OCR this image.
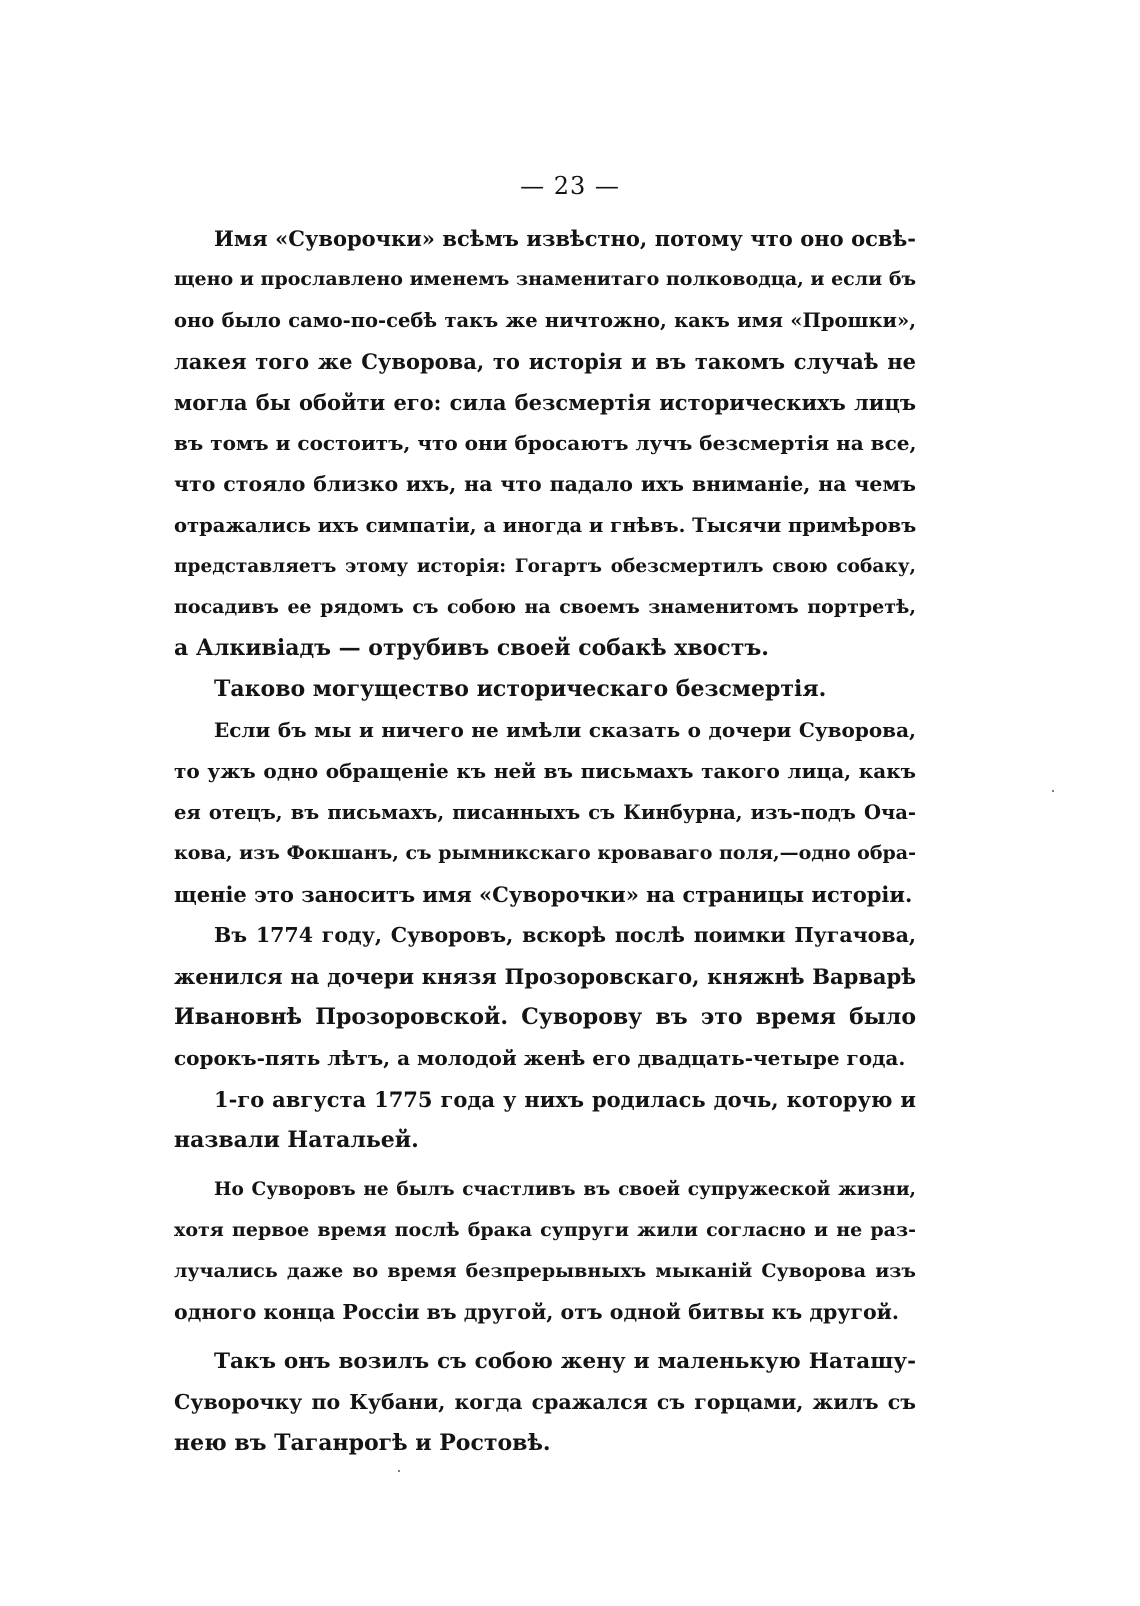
— 23 —
Имя «Суворочки» всѣмъ извѣстно, потому что оно освѣ-
щено и прославлено именемъ знаменитаго полководца, и если бъ
оно было само-по-себѣ такъ же ничтожно, какъ имя «Прошки»,
лакея того же Суворова, то исторія и въ такомъ случаѣ не
могла бы обойти его: сила безсмертія историческихъ лицъ
въ томъ и состоитъ, что они бросаютъ лучъ безсмертія на все,
что стояло близко ихъ, на что падало ихъ вниманіе, на чемъ
отражались ихъ симпатіи, а иногда и гнѣвъ. Тысячи примѣровъ
представляетъ этому исторія: Гогартъ обезсмертилъ свою собаку,
посадивъ ее рядомъ съ собою на своемъ знаменитомъ портретѣ,
а Алкивіадъ — отрубивъ своей собакѣ хвостъ.
Таково могущество историческаго безсмертія.
Если бъ мы и ничего не имѣли сказать о дочери Суворова,
то ужъ одно обращеніе къ ней въ письмахъ такого лица, какъ
ея отецъ, въ письмахъ, писанныхъ съ Кинбурна, изъ-подъ Оча-
кова, изъ Фокшанъ, съ рымникскаго кроваваго поля,—одно обра-
щеніе это заноситъ имя «Суворочки» на страницы исторіи.
Въ 1774 году, Суворовъ, вскорѣ послѣ поимки Пугачова,
женился на дочери князя Прозоровскаго, княжнѣ Варварѣ
Ивановнѣ Прозоровской. Суворову въ это время было
сорокъ-пять лѣтъ, а молодой женѣ его двадцать-четыре года.
1-го августа 1775 года у нихъ родилась дочь, которую и
назвали Натальей.
Но Суворовъ не былъ счастливъ въ своей супружеской жизни,
хотя первое время послѣ брака супруги жили согласно и не раз-
лучались даже во время безпрерывныхъ мыканій Суворова изъ
одного конца Россіи въ другой, отъ одной битвы къ другой.
Такъ онъ возилъ съ собою жену и маленькую Наташу-
Суворочку по Кубани, когда сражался съ горцами, жилъ съ
нею въ Таганрогѣ и Ростовѣ.
